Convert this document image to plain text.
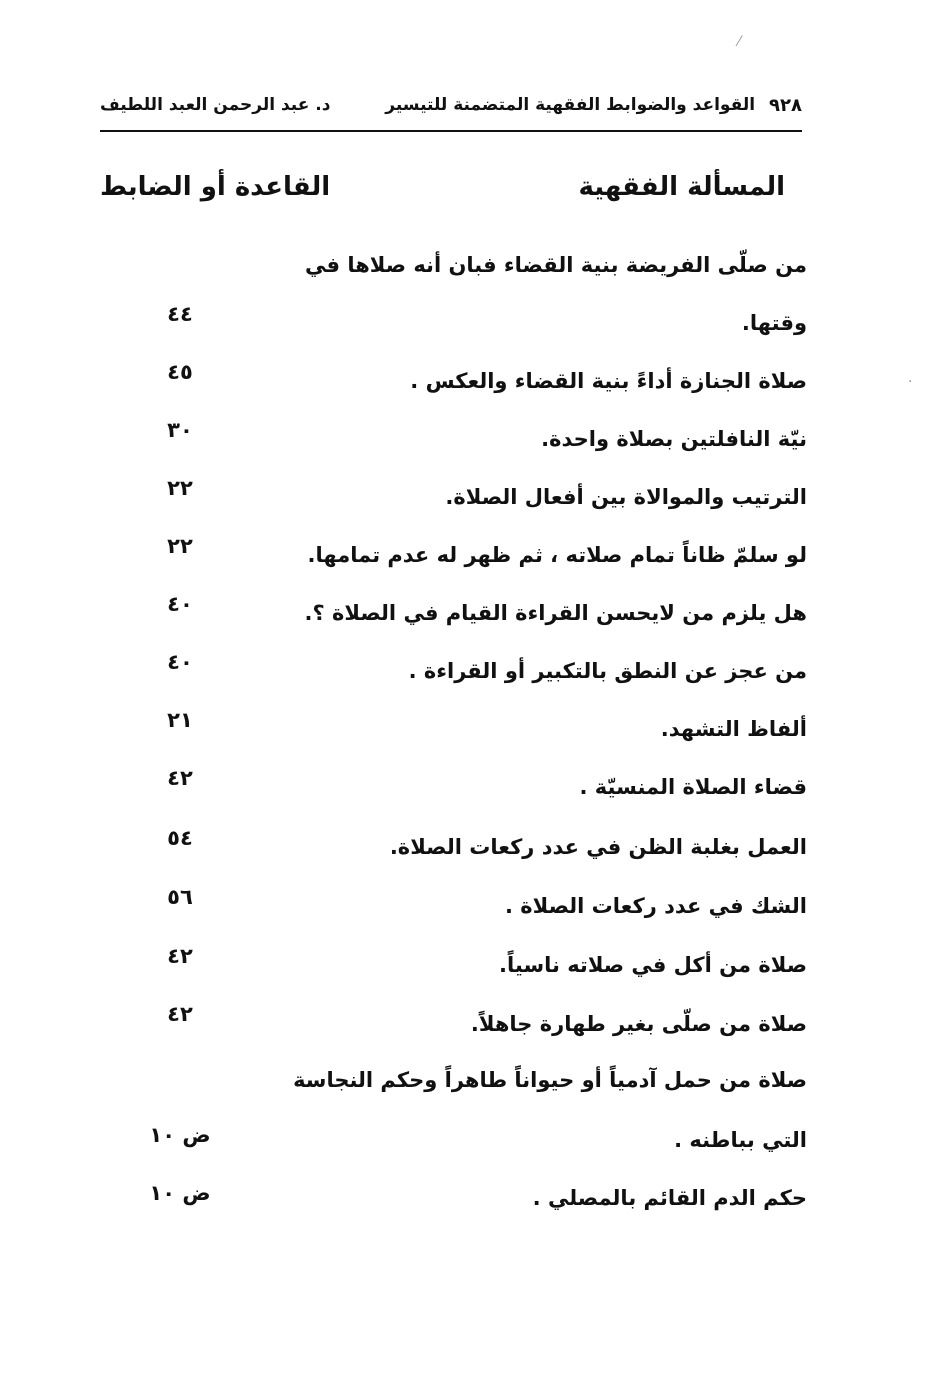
⁄
٩٢٨
القواعد والضوابط الفقهية المتضمنة للتيسير
د. عبد الرحمن العبد اللطيف
المسألة الفقهية
القاعدة أو الضابط
من صلّى الفريضة بنية القضاء فبان أنه صلاها في
وقتها.
٤٤
صلاة الجنازة أداءً بنية القضاء والعكس .
٤٥
نيّة النافلتين بصلاة واحدة.
٣٠
الترتيب والموالاة بين أفعال الصلاة.
٢٢
لو سلمّ ظاناً تمام صلاته ، ثم ظهر له عدم تمامها.
٢٢
هل يلزم من لايحسن القراءة القيام في الصلاة ؟.
٤٠
من عجز عن النطق بالتكبير أو القراءة .
٤٠
ألفاظ التشهد.
٢١
قضاء الصلاة المنسيّة .
٤٢
العمل بغلبة الظن في عدد ركعات الصلاة.
٥٤
الشك في عدد ركعات الصلاة .
٥٦
صلاة من أكل في صلاته ناسياً.
٤٢
صلاة من صلّى بغير طهارة جاهلاً.
٤٢
صلاة من حمل آدمياً أو حيواناً طاهراً وحكم النجاسة
التي بباطنه .
ض ١٠
حكم الدم القائم بالمصلي .
ض ١٠
·
